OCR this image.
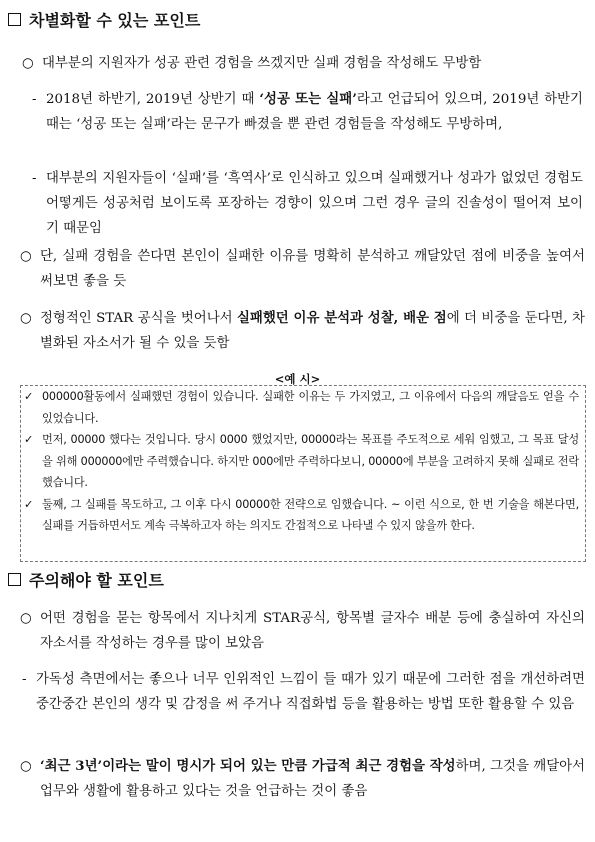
차별화할 수 있는 포인트
○ 대부분의 지원자가 성공 관련 경험을 쓰겠지만 실패 경험을 작성해도 무방함
- 2018년 하반기, 2019년 상반기 때 ‘성공 또는 실패’라고 언급되어 있으며, 2019년 하반기 때는 ‘성공 또는 실패’라는 문구가 빠졌을 뿐 관련 경험들을 작성해도 무방하며,
- 대부분의 지원자들이 ‘실패’를 ‘흑역사’로 인식하고 있으며 실패했거나 성과가 없었던 경험도 어떻게든 성공처럼 보이도록 포장하는 경향이 있으며 그런 경우 글의 진솔성이 떨어져 보이기 때문임
○ 단, 실패 경험을 쓴다면 본인이 실패한 이유를 명확히 분석하고 깨달았던 점에 비중을 높여서 써보면 좋을 듯
○ 정형적인 STAR 공식을 벗어나서 실패했던 이유 분석과 성찰, 배운 점에 더 비중을 둔다면, 차별화된 자소서가 될 수 있을 듯함
<예 시>
✓ 000000활동에서 실패했던 경험이 있습니다. 실패한 이유는 두 가지였고, 그 이유에서 다음의 깨달음도 얻을 수 있었습니다.
✓ 먼저, 00000 했다는 것입니다. 당시 0000 했었지만, 00000라는 목표를 주도적으로 세워 임했고, 그 목표 달성을 위해 000000에만 주력했습니다. 하지만 000에만 주력하다보니, 00000에 부분을 고려하지 못해 실패로 전락했습니다.
✓ 둘째, 그 실패를 목도하고, 그 이후 다시 00000한 전략으로 임했습니다. ~ 이런 식으로, 한 번 기술을 해본다면, 실패를 거듭하면서도 계속 극복하고자 하는 의지도 간접적으로 나타낼 수 있지 않을까 한다.
주의해야 할 포인트
○ 어떤 경험을 묻는 항목에서 지나치게 STAR공식, 항목별 글자수 배분 등에 충실하여 자신의 자소서를 작성하는 경우를 많이 보았음
- 가독성 측면에서는 좋으나 너무 인위적인 느낌이 들 때가 있기 때문에 그러한 점을 개선하려면 중간중간 본인의 생각 및 감정을 써 주거나 직접화법 등을 활용하는 방법 또한 활용할 수 있음
○ ‘최근 3년’이라는 말이 명시가 되어 있는 만큼 가급적 최근 경험을 작성하며, 그것을 깨달아서 업무와 생활에 활용하고 있다는 것을 언급하는 것이 좋음
